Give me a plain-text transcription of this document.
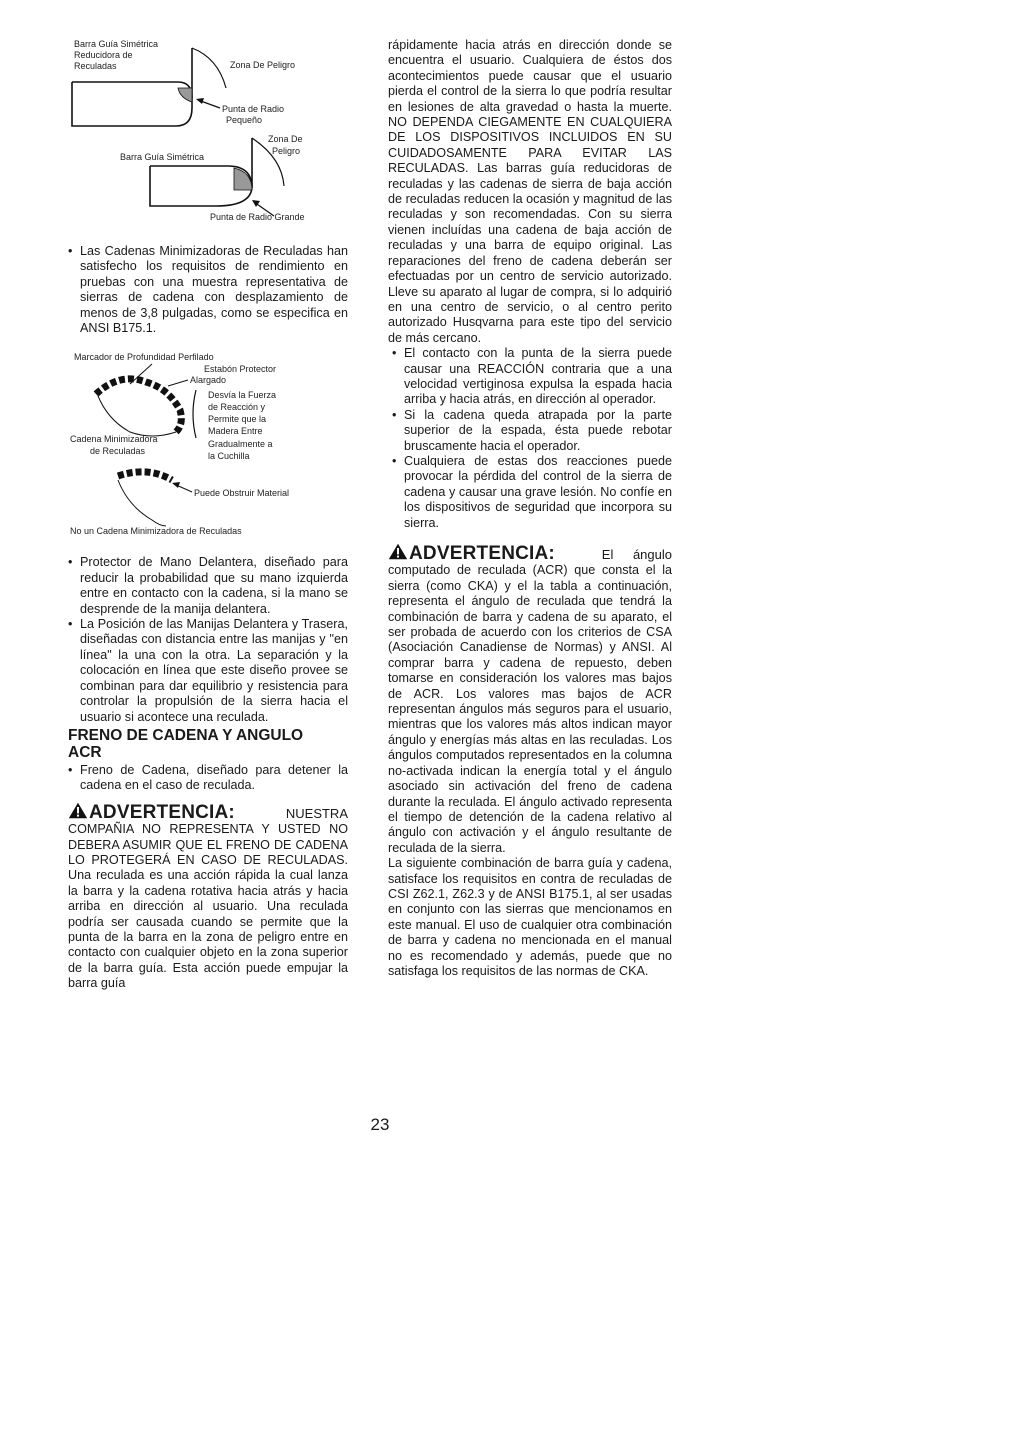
Barra Guía Simétrica
Reducidora de
Reculadas	Zona De Peligro
Punta de Radio
Pequeño
Zona De
Peligro
Barra Guía Simétrica
Punta de Radio Grande
• Las Cadenas Minimizadoras de Reculadas han satisfecho los requisitos de rendimiento en pruebas con una muestra representativa de sierras de cadena con desplazamiento de menos de 3,8 pulgadas, como se especifica en ANSI B175.1.
Marcador de Profundidad Perfilado
Estabón Protector
Alargado
Desvía la Fuerza
de Reacción y
Permite que la
Madera Entre
Gradualmente a
la Cuchilla
Cadena Minimizadora
de Reculadas
Puede Obstruir Material
No un Cadena Minimizadora de Reculadas
• Protector de Mano Delantera, diseñado para reducir la probabilidad que su mano izquierda entre en contacto con la cadena, si la mano se desprende de la manija delantera.
• La Posición de las Manijas Delantera y Trasera, diseñadas con distancia entre las manijas y "en línea" la una con la otra. La separación y la colocación en línea que este diseño provee se combinan para dar equilibrio y resistencia para controlar la propulsión de la sierra hacia el usuario si acontece una reculada.
FRENO DE CADENA Y ANGULO
ACR
• Freno de Cadena, diseñado para detener la cadena en el caso de reculada.
ADVERTENCIA:	NUESTRA

COMPAÑIA NO REPRESENTA Y USTED NO DEBERA ASUMIR QUE EL FRENO DE CADENA LO PROTEGERÁ EN CASO DE RECULADAS. Una reculada es una acción rápida la cual lanza la barra y la cadena rotativa hacia atrás y hacia arriba en dirección al usuario. Una reculada podría ser causada cuando se permite que la punta de la barra en la zona de peligro entre en contacto con cualquier objeto en la zona superior de la barra guía. Esta acción puede empujar la barra guía

rápidamente hacia atrás en dirección donde se encuentra el usuario. Cualquiera de éstos dos acontecimientos puede causar que el usuario pierda el control de la sierra lo que podría resultar en lesiones de alta gravedad o hasta la muerte. NO DEPENDA CIEGAMENTE EN CUALQUIERA DE LOS DISPOSITIVOS INCLUIDOS EN SU CUIDADOSAMENTE PARA EVITAR LAS RECULADAS. Las barras guía reducidoras de reculadas y las cadenas de sierra de baja acción de reculadas reducen la ocasión y magnitud de las reculadas y son recomendadas. Con su sierra vienen incluídas una cadena de baja acción de reculadas y una barra de equipo original. Las reparaciones del freno de cadena deberán ser efectuadas por un centro de servicio autorizado. Lleve su aparato al lugar de compra, si lo adquirió en una centro de servicio, o al centro perito autorizado Husqvarna para este tipo del servicio de más cercano.

• El contacto con la punta de la sierra puede causar una REACCIÓN contraria que a una velocidad vertiginosa expulsa la espada hacia arriba y hacia atrás, en dirección al operador.
• Si la cadena queda atrapada por la parte superior de la espada, ésta puede rebotar bruscamente hacia el operador.
• Cualquiera de estas dos reacciones puede provocar la pérdida del control de la sierra de cadena y causar una grave lesión. No confíe en los dispositivos de seguridad que incorpora su sierra.
ADVERTENCIA:	El ángulo

computado de reculada (ACR) que consta el la sierra (como CKA) y el la tabla a continuación, representa el ángulo de reculada que tendrá la combinación de barra y cadena de su aparato, el ser probada de acuerdo con los criterios de CSA (Asociación Canadiense de Normas) y ANSI. Al comprar barra y cadena de repuesto, deben tomarse en consideración los valores mas bajos de ACR. Los valores mas bajos de ACR representan ángulos más seguros para el usuario, mientras que los valores más altos indican mayor ángulo y energías más altas en las reculadas. Los ángulos computados representados en la columna no-activada indican la energía total y el ángulo asociado sin activación del freno de cadena durante la reculada. El ángulo activado representa el tiempo de detención de la cadena relativo al ángulo con activación y el ángulo resultante de reculada de la sierra.

La siguiente combinación de barra guía y cadena, satisface los requisitos en contra de reculadas de CSI Z62.1, Z62.3 y de ANSI B175.1, al ser usadas en conjunto con las sierras que mencionamos en este manual. El uso de cualquier otra combinación de barra y cadena no mencionada en el manual no es recomendado y además, puede que no satisfaga los requisitos de las normas de CKA.

23
